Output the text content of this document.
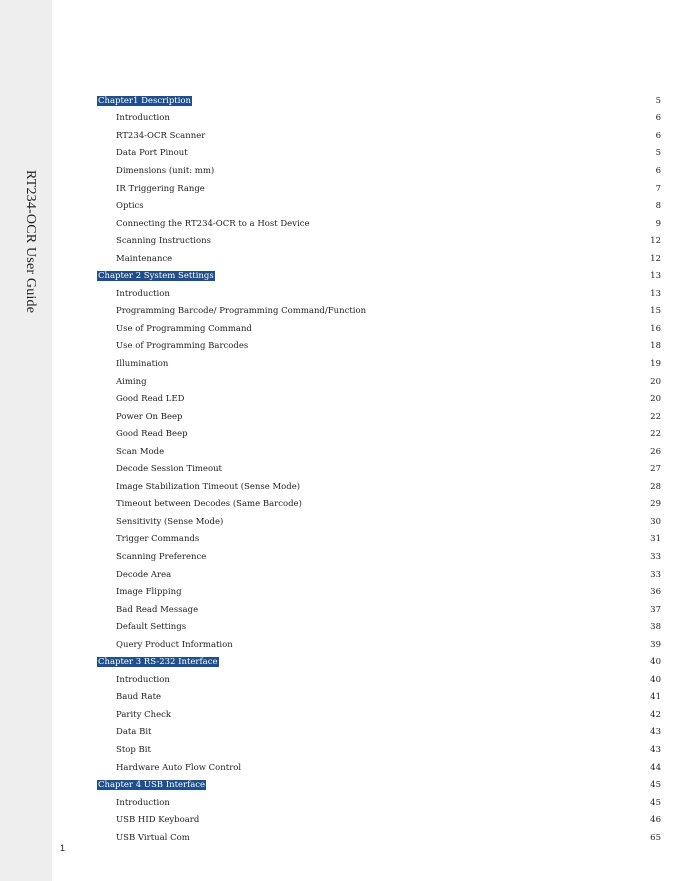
RT234-OCR User Guide
Chapter1 Description	5
Introduction	6
RT234-OCR Scanner	6
Data Port Pinout	5
Dimensions (unit: mm)	6
IR Triggering Range	7
Optics	8
Connecting the RT234-OCR to a Host Device	9
Scanning Instructions	12
Maintenance	12
Chapter 2 System Settings	13
Introduction	13
Programming Barcode/ Programming Command/Function	15
Use of Programming Command	16
Use of Programming Barcodes	18
Illumination	19
Aiming	20
Good Read LED	20
Power On Beep	22
Good Read Beep	22
Scan Mode	26
Decode Session Timeout	27
Image Stabilization Timeout (Sense Mode)	28
Timeout between Decodes (Same Barcode)	29
Sensitivity (Sense Mode)	30
Trigger Commands	31
Scanning Preference	33
Decode Area	33
Image Flipping	36
Bad Read Message	37
Default Settings	38
Query Product Information	39
Chapter 3 RS-232 Interface	40
Introduction	40
Baud Rate	41
Parity Check	42
Data Bit	43
Stop Bit	43
Hardware Auto Flow Control	44
Chapter 4 USB Interface	45
Introduction	45
USB HID Keyboard	46
USB Virtual Com	65
1
